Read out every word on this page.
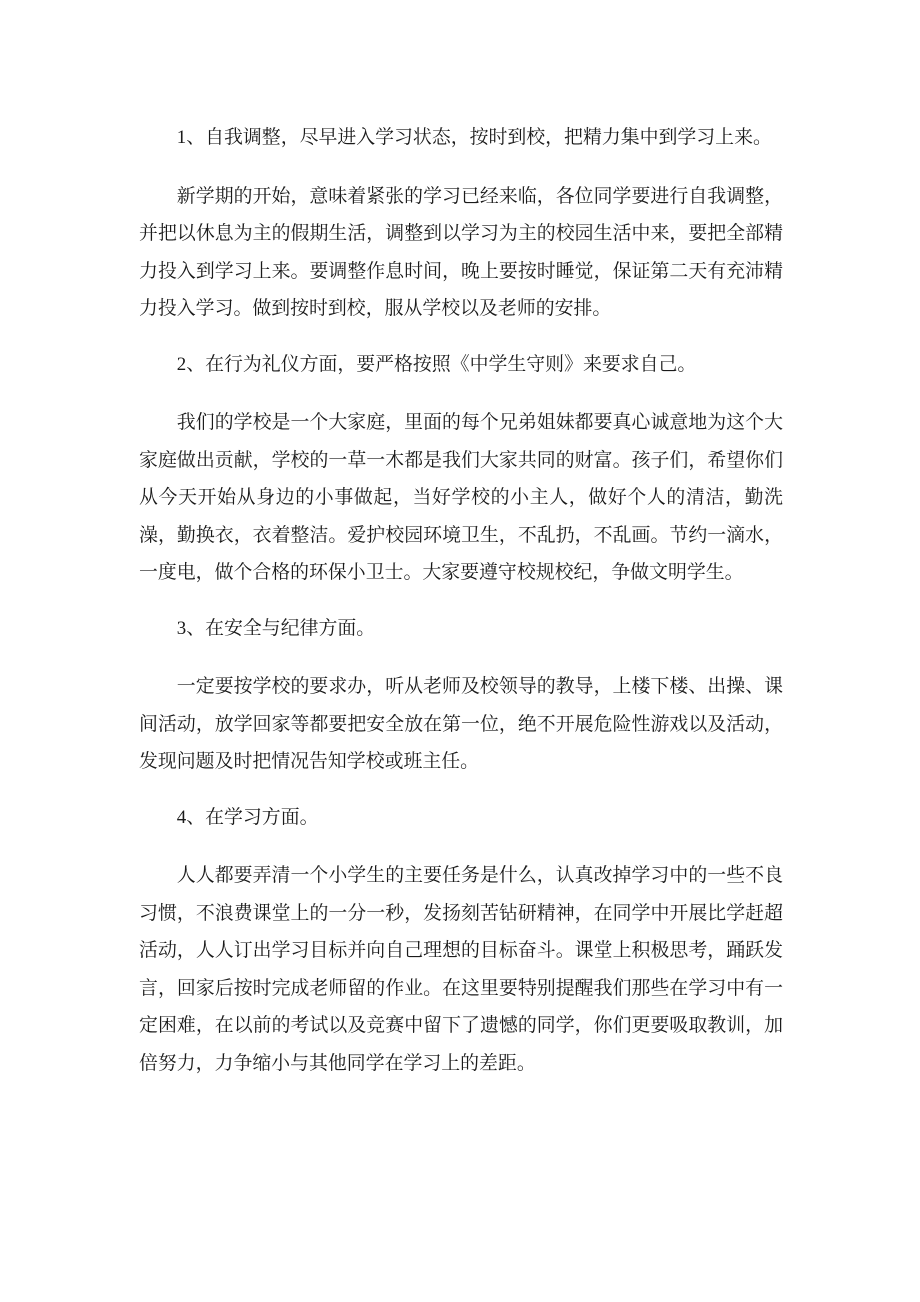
1、自我调整，尽早进入学习状态，按时到校，把精力集中到学习上来。

新学期的开始，意味着紧张的学习已经来临，各位同学要进行自我调整，并把以休息为主的假期生活，调整到以学习为主的校园生活中来，要把全部精力投入到学习上来。要调整作息时间，晚上要按时睡觉，保证第二天有充沛精力投入学习。做到按时到校，服从学校以及老师的安排。

2、在行为礼仪方面，要严格按照《中学生守则》来要求自己。

我们的学校是一个大家庭，里面的每个兄弟姐妹都要真心诚意地为这个大家庭做出贡献，学校的一草一木都是我们大家共同的财富。孩子们，希望你们从今天开始从身边的小事做起，当好学校的小主人，做好个人的清洁，勤洗澡，勤换衣，衣着整洁。爱护校园环境卫生，不乱扔，不乱画。节约一滴水，一度电，做个合格的环保小卫士。大家要遵守校规校纪，争做文明学生。

3、在安全与纪律方面。

一定要按学校的要求办，听从老师及校领导的教导，上楼下楼、出操、课间活动，放学回家等都要把安全放在第一位，绝不开展危险性游戏以及活动，发现问题及时把情况告知学校或班主任。

4、在学习方面。

人人都要弄清一个小学生的主要任务是什么，认真改掉学习中的一些不良习惯，不浪费课堂上的一分一秒，发扬刻苦钻研精神，在同学中开展比学赶超活动，人人订出学习目标并向自己理想的目标奋斗。课堂上积极思考，踊跃发言，回家后按时完成老师留的作业。在这里要特别提醒我们那些在学习中有一定困难，在以前的考试以及竞赛中留下了遗憾的同学，你们更要吸取教训，加倍努力，力争缩小与其他同学在学习上的差距。
